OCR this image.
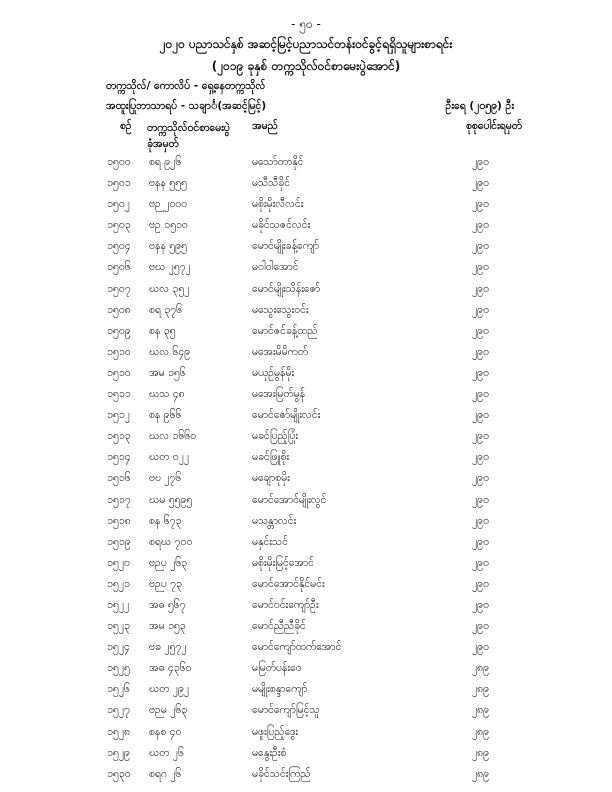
- ၅၀ -
၂၀၂၀ ပညာသင်နှစ် အဆင့်မြင့်ပညာသင်တန်းဝင်ခွင့်ရရှိသူများစာရင်း
(၂၀၁၉ ခုနှစ် တက္ကသိုလ်ဝင်စာမေးပွဲအောင်)
တက္ကသိုလ်/ ကောလိပ် - ရှေ့နေတက္ကသိုလ်
အထူးပြုဘာသာရပ် - သချာင်္(အဆင့်မြင့်)	ဦးရေ (၂၀၅၉) ဦး
စဉ် တက္ကသိုလ်ဝင်စာမေးပွဲ ခုံအမှတ်
အမည်	စုစုပေါင်းရမှတ်
၁၅၀၀ စရ ၉၂၆	မသော်တာနိုင်	၂၉၀
၁၅၀၁ ဗနန ၅၅၅	မသီသီခိုင်	၂၉၀
၁၅၀၂ ဗဉ ၂၀၀၀	မစိုးမိုးလီလင်း	၂၉၀
၁၅၀၃ ဗဥ ၁၅၁၀	မခိုင်သဇင်လင်း	၂၉၀
၁၅၀၄ ဗနန ၅၉၅	မောင်မျိုးခန့်ကျော်	၂၉၀
၁၅၀၆ ဗဃ ၂၅၇၂	မဝါဝါအောင်	၂၉၀
၁၅၀၇ ဃလ ၃၅၂	မောင်မျိုးသိန်းဇော်	၂၉၀
၁၅၀၈ စရ ၃၇၆	မသွေးသွေးဝင်း	၂၉၀
၁၅၀၉ စန ၃၅	မောင်ဇင်ခန့်ထည်	၂၉၀
၁၅၁၀ ဃလ ၆၄၉	မအေးမိမိကတ်	၂၉၀
၁၅၁၀ အမ ၁၅၆	မယုဉ်မွန်မိုး	၂၉၀
၁၅၁၁ ဃသ ၄၈	မအေးမြတ်မွန်	၂၉၀
၁၅၁၂ စန ၉၆၆	မောင်ဇော်မျိုးလင်း	၂၉၀
၁၅၁၃ ဃလ ၁၆၆၀	မခင်ပြည့်ပြုံး	၂၉၀
၁၅၁၄ ဃတ ၀၂၂	မခင်ဖြူစိုး	၂၉၀
၁၅၁၆ ဗဎ ၂၇၆	မချောစုမိုး	၂၉၀
၁၅၁၇ ဃမ ၅၅၉၅	မောင်အောင်မျိုးလွင်	၂၉၀
၁၅၁၈ စန ၆၇၃	မသန္တာလင်း	၂၉၀
၁၅၁၉ စရဃ ၇၀၀	မနှင်းသင်	၂၉၀
၁၅၂၀ ဗဉပ ၂၆၃	မစိုးမိုးမြင့်အောင်	၂၉၀
၁၅၂၁ ဗဉပ ၇၃	မောင်အောင်နိုင်မင်း	၂၉၀
၁၅၂၂ အဓ ၅၆၇	မောင်ဝင်းကျော်ဦး	၂၉၀
၁၅၂၃ အမ ၁၅၃	မောင်ညီညီခိုင်	၂၉၀
၁၅၂၄ ဗခ ၂၅၇၂	မောင်ကျော်ထက်အောင်	၂၉၀
၁၅၂၅ အဓ ၄၃၆၀	မမြတ်ပန်းဝေ	၂၈၉
၁၅၂၆ ဃတ ၂၉၂	မမျိုးစန္ဒာကျော်	၂၈၉
၁၅၂၇ ဗဉမ ၂၆၃	မောင်ကျော်မြင့်သူ	၂၈၉
၁၅၂၈ စနစ ၄၀	မဖူးပြည့်ဒွေး	၂၈၉
၁၅၂၉ ဃတ ၂၆	မနွေးဦးစံ	၂၈၉
၁၅၃၀ စရဂ ၂၆	မခိုင်သင်းကြည်	၂၈၉
